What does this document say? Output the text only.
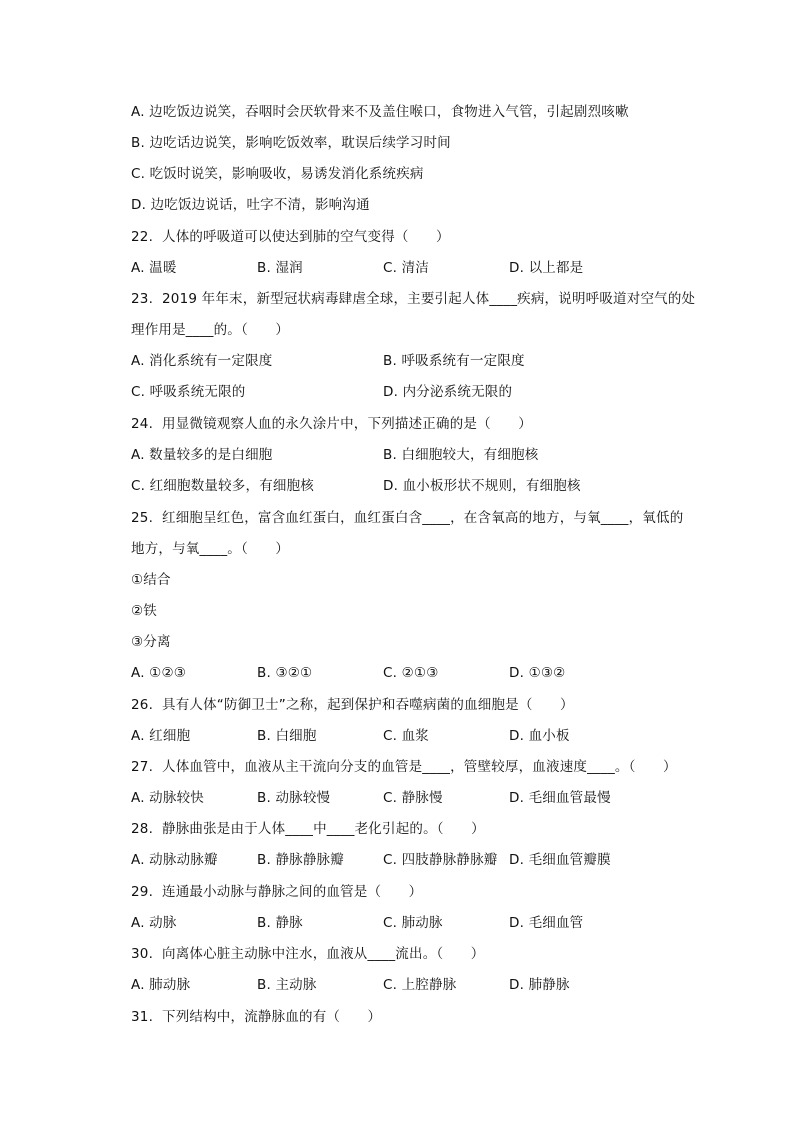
A. 边吃饭边说笑，吞咽时会厌软骨来不及盖住喉口，食物进入气管，引起剧烈咳嗽
B. 边吃话边说笑，影响吃饭效率，耽误后续学习时间
C. 吃饭时说笑，影响吸收，易诱发消化系统疾病
D. 边吃饭边说话，吐字不清，影响沟通
22. 人体的呼吸道可以使达到肺的空气变得（　　）
A. 温暖	B. 湿润	C. 清洁	D. 以上都是
23. 2019 年年末，新型冠状病毒肆虐全球，主要引起人体____疾病，说明呼吸道对空气的处
理作用是____的。（　　）
A. 消化系统有一定限度	B. 呼吸系统有一定限度
C. 呼吸系统无限的	D. 内分泌系统无限的
24. 用显微镜观察人血的永久涂片中，下列描述正确的是（　　）
A. 数量较多的是白细胞	B. 白细胞较大，有细胞核
C. 红细胞数量较多，有细胞核	D. 血小板形状不规则，有细胞核
25. 红细胞呈红色，富含血红蛋白，血红蛋白含____，在含氧高的地方，与氧____，氧低的
地方，与氧____。（　　）
①结合
②铁
③分离
A. ①②③	B. ③②①	C. ②①③	D. ①③②
26. 具有人体“防御卫士”之称，起到保护和吞噬病菌的血细胞是（　　）
A. 红细胞	B. 白细胞	C. 血浆	D. 血小板
27. 人体血管中，血液从主干流向分支的血管是____，管壁较厚，血液速度____。（　　）
A. 动脉较快	B. 动脉较慢	C. 静脉慢	D. 毛细血管最慢
28. 静脉曲张是由于人体____中____老化引起的。（　　）
A. 动脉动脉瓣	B. 静脉静脉瓣	C. 四肢静脉静脉瓣 D. 毛细血管瓣膜
29. 连通最小动脉与静脉之间的血管是（　　）
A. 动脉	B. 静脉	C. 肺动脉	D. 毛细血管
30. 向离体心脏主动脉中注水，血液从____流出。（　　）
A. 肺动脉	B. 主动脉	C. 上腔静脉	D. 肺静脉
31. 下列结构中，流静脉血的有（　　）
